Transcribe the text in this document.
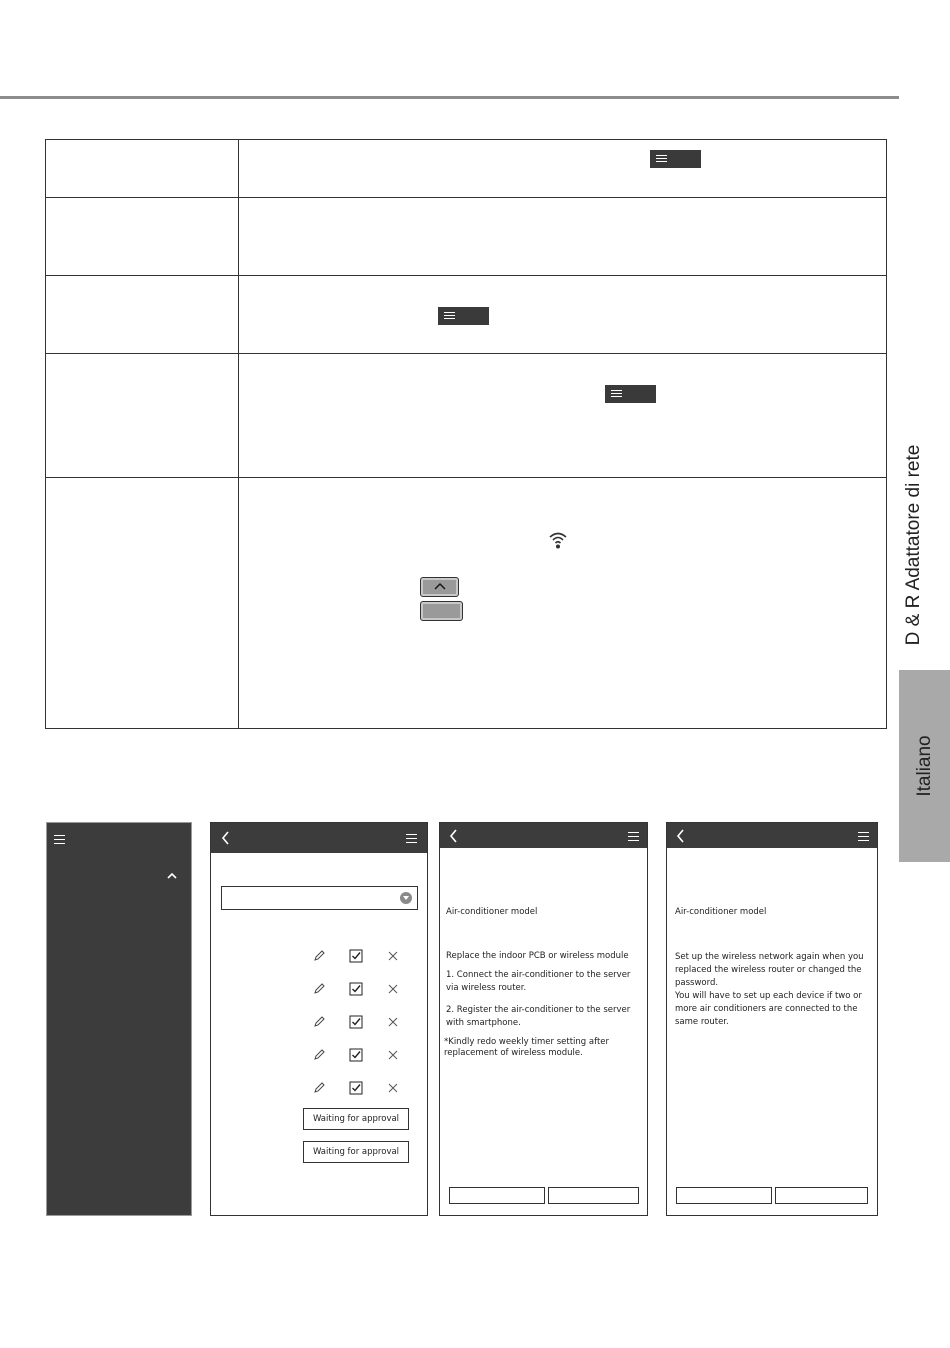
D & R Adattatore di rete
Italiano
Waiting for approval
Waiting for approval
Air-conditioner model
Replace the indoor PCB or wireless module
1. Connect the air-conditioner to the server via wireless router.
2. Register the air-conditioner to the server with smartphone.
*Kindly redo weekly timer setting after replacement of wireless module.
Air-conditioner model
Set up the wireless network again when you replaced the wireless router or changed the password.
You will have to set up each device if two or more air conditioners are connected to the same router.
